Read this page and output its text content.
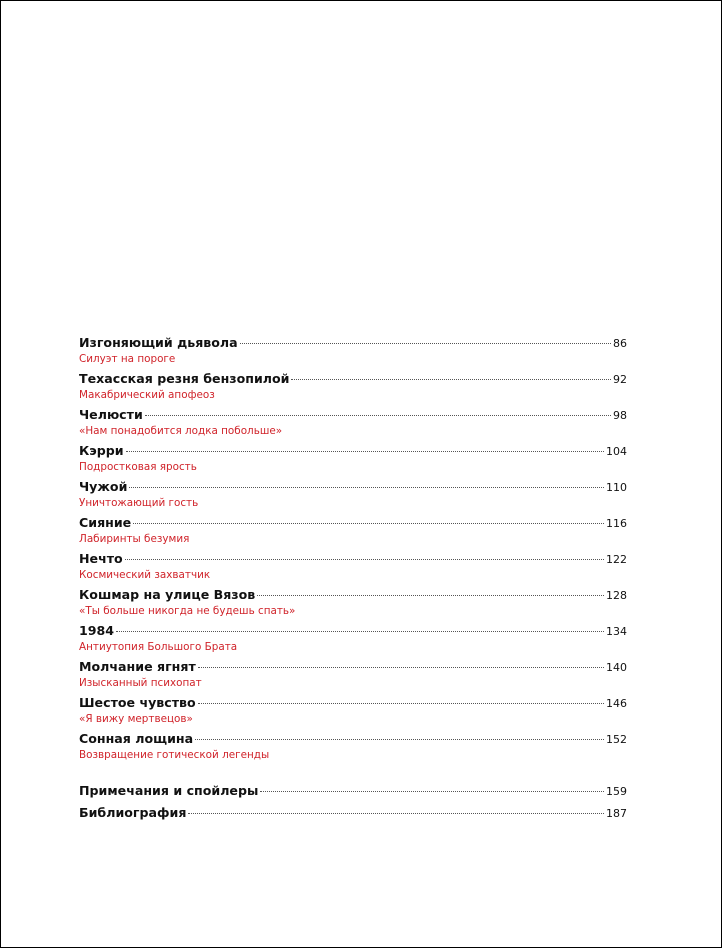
Изгоняющий дьявола	86
Силуэт на пороге
Техасская резня бензопилой	92
Макабрический апофеоз
Челюсти	98
«Нам понадобится лодка побольше»
Кэрри	104
Подростковая ярость
Чужой	110
Уничтожающий гость
Сияние	116
Лабиринты безумия
Нечто	122
Космический захватчик
Кошмар на улице Вязов	128
«Ты больше никогда не будешь спать»
1984	134
Антиутопия Большого Брата
Молчание ягнят	140
Изысканный психопат
Шестое чувство	146
«Я вижу мертвецов»
Сонная лощина	152
Возвращение готической легенды
Примечания и спойлеры	159
Библиография	187
